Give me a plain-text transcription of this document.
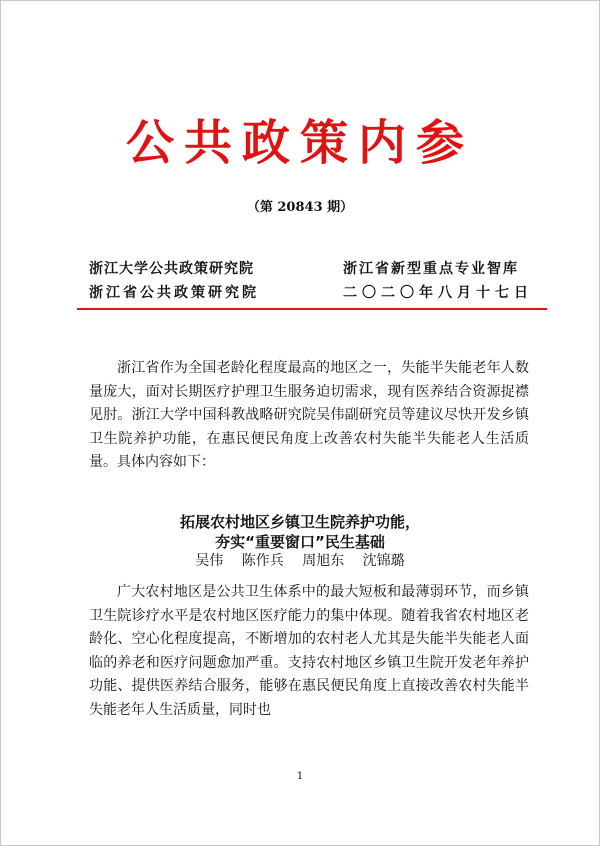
公共政策内参
（第 20843 期）
浙江大学公共政策研究院
浙江省公共政策研究院
浙江省新型重点专业智库
二〇二〇年八月十七日

浙江省作为全国老龄化程度最高的地区之一，失能半失能老年人数量庞大，面对长期医疗护理卫生服务迫切需求，现有医养结合资源捉襟见肘。浙江大学中国科教战略研究院吴伟副研究员等建议尽快开发乡镇卫生院养护功能，在惠民便民角度上改善农村失能半失能老人生活质量。具体内容如下：

拓展农村地区乡镇卫生院养护功能，
夯实“重要窗口”民生基础
吴伟 陈作兵 周旭东 沈锦璐

广大农村地区是公共卫生体系中的最大短板和最薄弱环节，而乡镇卫生院诊疗水平是农村地区医疗能力的集中体现。随着我省农村地区老龄化、空心化程度提高，不断增加的农村老人尤其是失能半失能老人面临的养老和医疗问题愈加严重。支持农村地区乡镇卫生院开发老年养护功能、提供医养结合服务，能够在惠民便民角度上直接改善农村失能半失能老年人生活质量，同时也

1
